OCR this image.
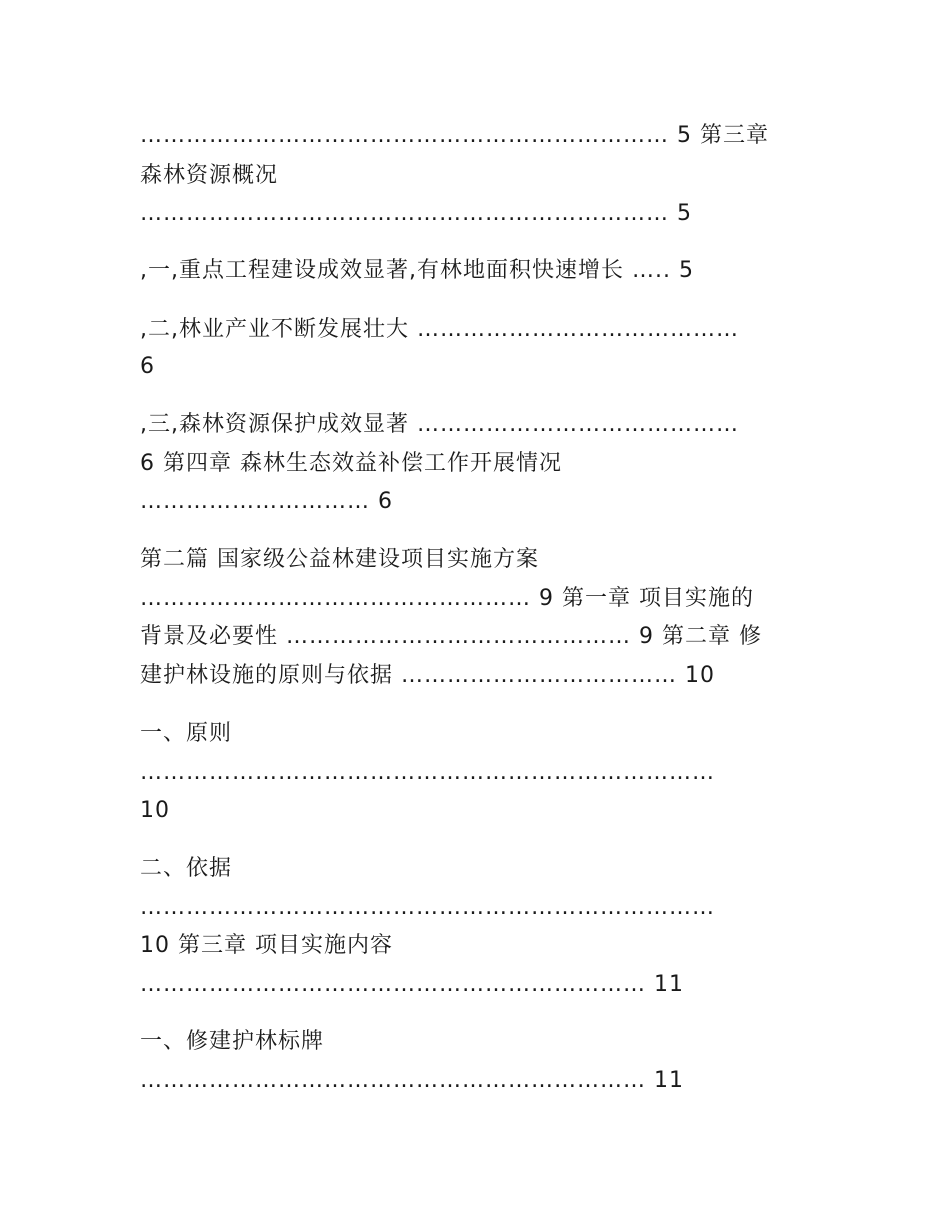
…………………………………………………………… 5 第三章
森林资源概况
…………………………………………………………… 5
,一,重点工程建设成效显著,有林地面积快速增长 ….. 5
,二,林业产业不断发展壮大 ……………………………………
6
,三,森林资源保护成效显著 ……………………………………
6 第四章 森林生态效益补偿工作开展情况
………………………… 6
第二篇 国家级公益林建设项目实施方案
…………………………………………… 9 第一章 项目实施的
背景及必要性 ……………………………………… 9 第二章 修
建护林设施的原则与依据 ……………………………… 10
一、原则
…………………………………………………………………
10
二、依据
…………………………………………………………………
10 第三章 项目实施内容
………………………………………………………… 11
一、修建护林标牌
………………………………………………………… 11
